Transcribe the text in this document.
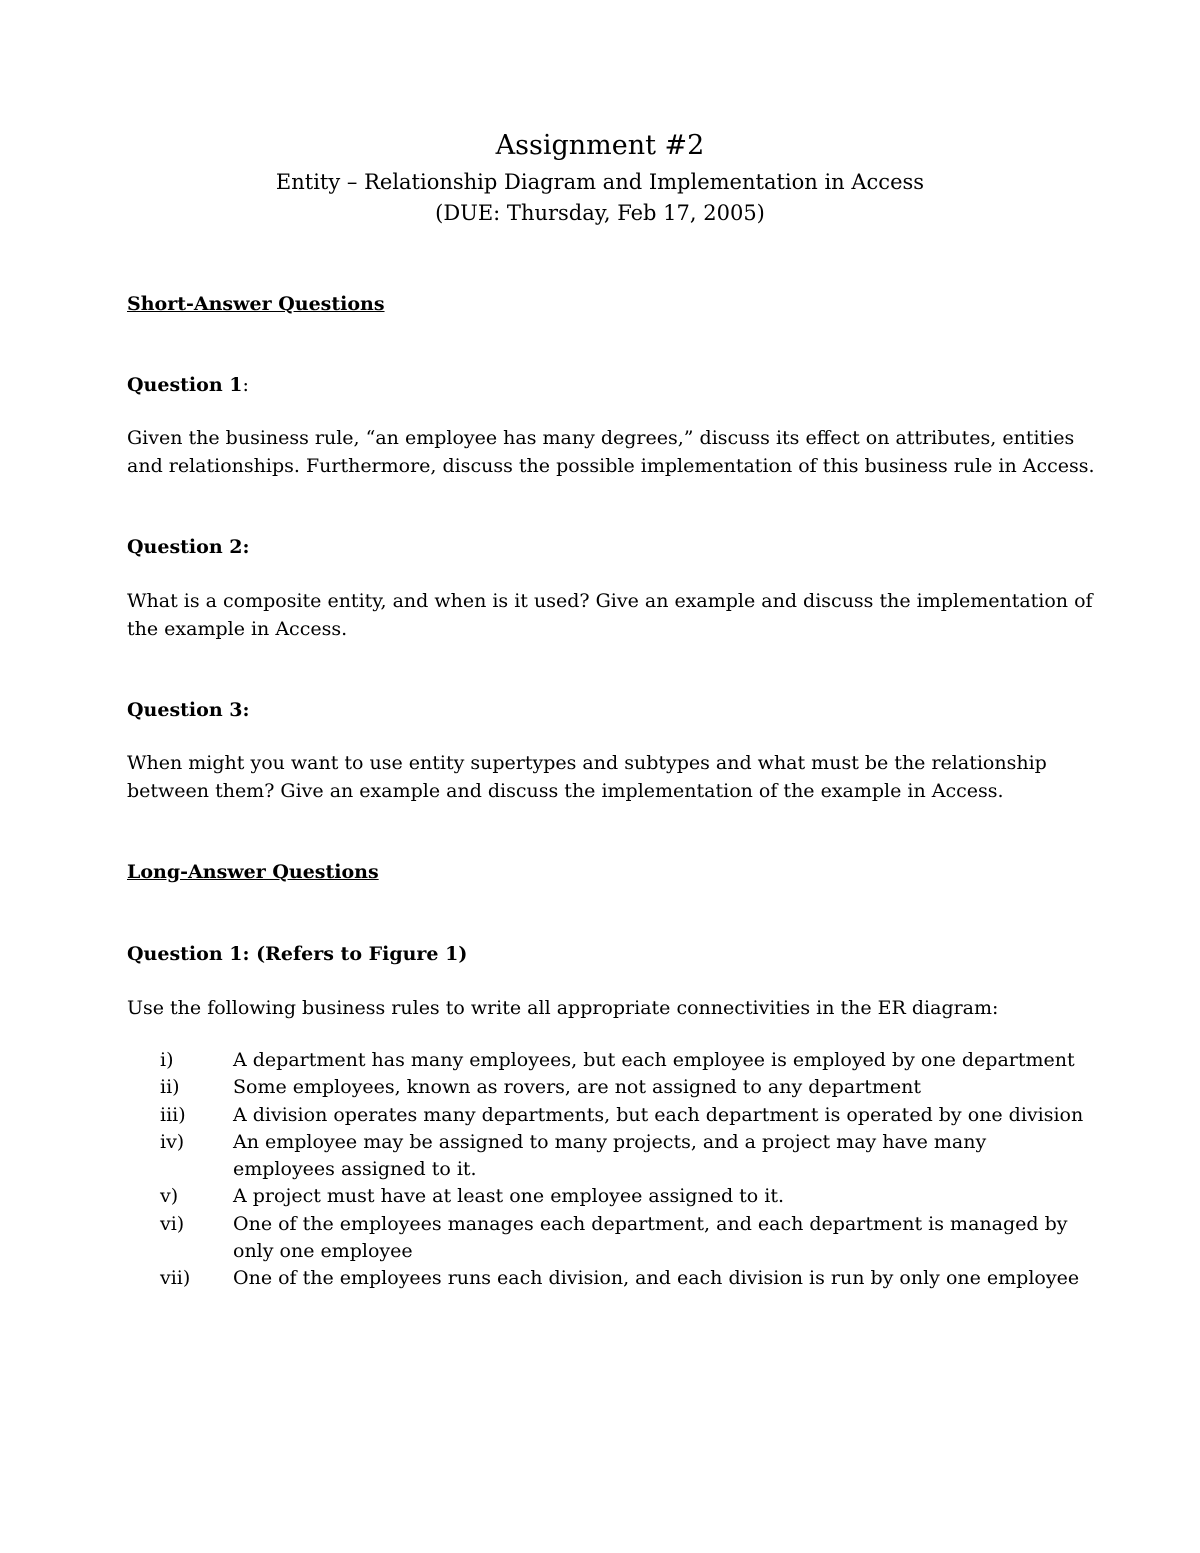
Assignment #2
Entity – Relationship Diagram and Implementation in Access
(DUE: Thursday, Feb 17, 2005)
Short-Answer Questions
Question 1:
Given the business rule, “an employee has many degrees,” discuss its effect on attributes, entities
and relationships. Furthermore, discuss the possible implementation of this business rule in Access.
Question 2:
What is a composite entity, and when is it used? Give an example and discuss the implementation of
the example in Access.
Question 3:
When might you want to use entity supertypes and subtypes and what must be the relationship
between them? Give an example and discuss the implementation of the example in Access.
Long-Answer Questions
Question 1: (Refers to Figure 1)
Use the following business rules to write all appropriate connectivities in the ER diagram:
i)	A department has many employees, but each employee is employed by one department
ii)	Some employees, known as rovers, are not assigned to any department
iii)	A division operates many departments, but each department is operated by one division
iv)	An employee may be assigned to many projects, and a project may have many
employees assigned to it.
v)	A project must have at least one employee assigned to it.
vi)	One of the employees manages each department, and each department is managed by
only one employee
vii)	One of the employees runs each division, and each division is run by only one employee
